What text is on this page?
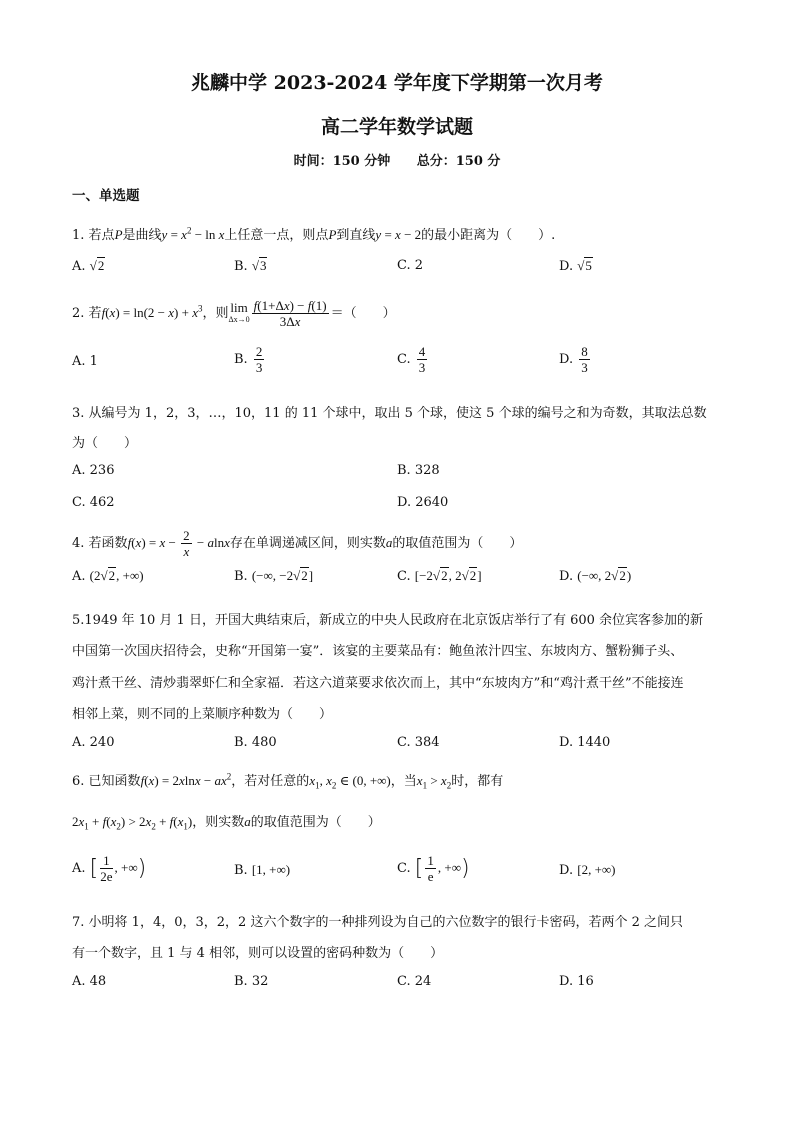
兆麟中学 2023-2024 学年度下学期第一次月考
高二学年数学试题
时间：150 分钟 总分：150 分
一、单选题
1. 若点P是曲线$y = x^2 - \ln x$上任意一点，则点P到直线y = x − 2的最小距离为（　　）.
A. √2	B. √3	C. 2	D. √5
2. 若$f(x) = \ln(2 - x) + x^3$，则 lim
$\Delta x\to 0 \frac{f(1+\Delta x) - f(1)}{3\Delta x}$ ＝（　　）
A. 1	B. $\frac{2}{3}$	C. $\frac{4}{3}$	D. $\frac{8}{3}$
3. 从编号为 1，2，3，…，10，11 的 11 个球中，取出 5 个球，使这 5 个球的编号之和为奇数，其取法总数
为（　　）
A. 236	B. 328
C. 462	D. 2640
4. 若函数$f(x) = x - \frac{2}{x} - alnx$存在单调递减区间，则实数a的取值范围为（　　）
A. (2√2, +∞)	B. (−∞, −2√2]	C. [−2√2, 2√2]	D. (−∞, 2√2)
5.1949 年 10 月 1 日，开国大典结束后，新成立的中央人民政府在北京饭店举行了有 600 余位宾客参加的新
中国第一次国庆招待会，史称“开国第一宴”．该宴的主要菜品有：鲍鱼浓汁四宝、东坡肉方、蟹粉狮子头、
鸡汁煮干丝、清炒翡翠虾仁和全家福．若这六道菜要求依次而上，其中“东坡肉方”和“鸡汁煮干丝”不能接连
相邻上菜，则不同的上菜顺序种数为（　　）
A. 240	B. 480	C. 384	D. 1440
6. 已知函数$f(x) = 2xlnx - ax^2$，若对任意的$x_1$, $x_2$ ∈ (0, +∞)，当$x_1 > x_2$时，都有
$2x_1 + f(x_2) > 2x_2 + f(x_1)$，则实数a的取值范围为（　　）
A. [ $\frac{1}{2e}$ , +∞)	B. [1, +∞)	C. [ $\frac{1}{e}$ , +∞)	D. [2, +∞)
7. 小明将 1，4，0，3，2，2 这六个数字的一种排列设为自己的六位数字的银行卡密码，若两个 2 之间只
有一个数字，且 1 与 4 相邻，则可以设置的密码种数为（　　）
A. 48	B. 32	C. 24	D. 16
